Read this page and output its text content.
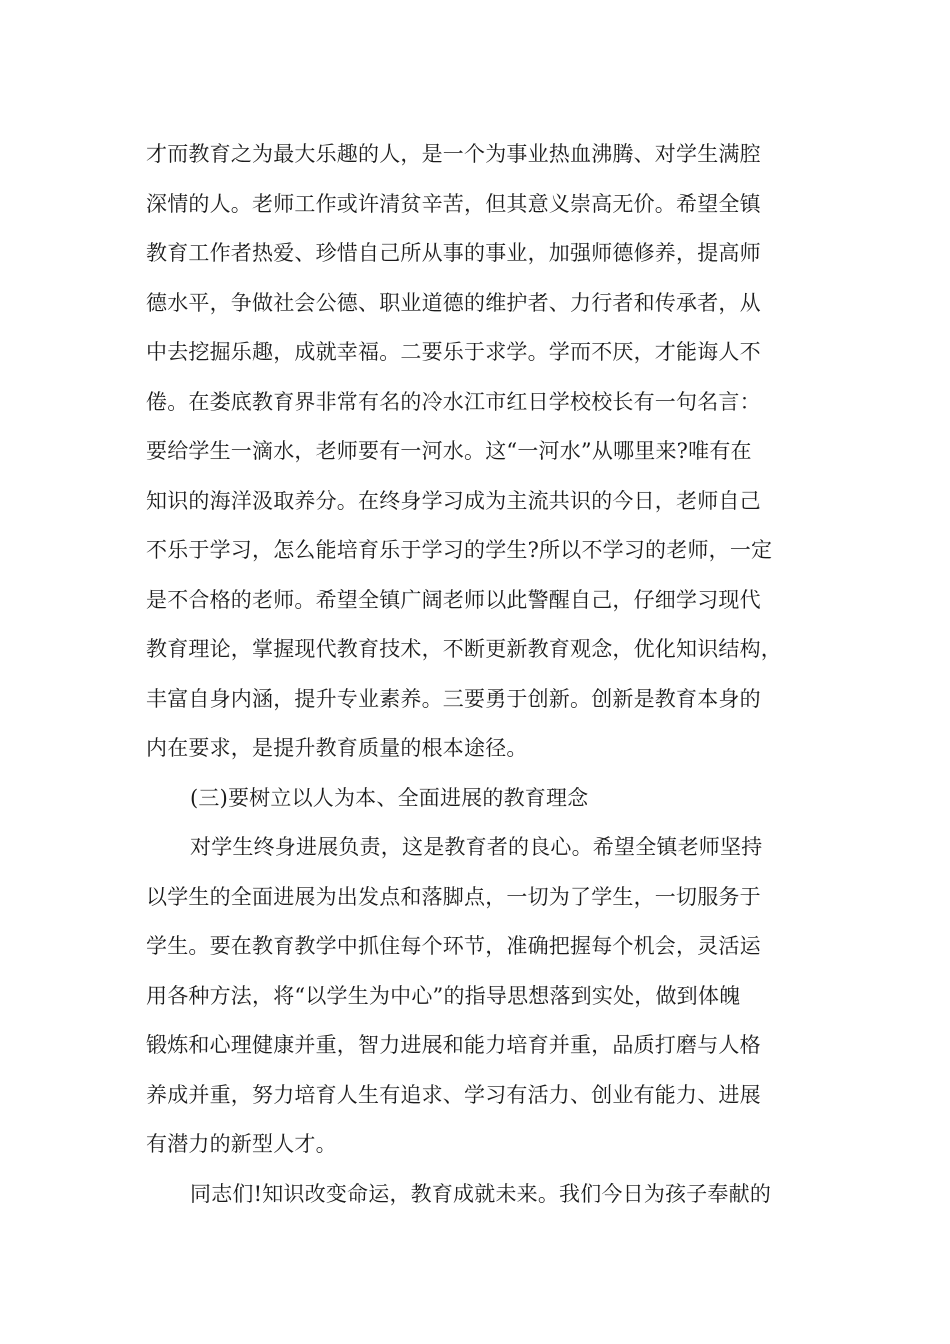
才而教育之为最大乐趣的人，是一个为事业热血沸腾、对学生满腔
深情的人。老师工作或许清贫辛苦，但其意义崇高无价。希望全镇
教育工作者热爱、珍惜自己所从事的事业，加强师德修养，提高师
德水平，争做社会公德、职业道德的维护者、力行者和传承者，从
中去挖掘乐趣，成就幸福。二要乐于求学。学而不厌，才能诲人不
倦。在娄底教育界非常有名的冷水江市红日学校校长有一句名言：
要给学生一滴水，老师要有一河水。这“一河水”从哪里来?唯有在
知识的海洋汲取养分。在终身学习成为主流共识的今日，老师自己
不乐于学习，怎么能培育乐于学习的学生?所以不学习的老师，一定
是不合格的老师。希望全镇广阔老师以此警醒自己，仔细学习现代
教育理论，掌握现代教育技术，不断更新教育观念，优化知识结构，
丰富自身内涵，提升专业素养。三要勇于创新。创新是教育本身的
内在要求，是提升教育质量的根本途径。
(三)要树立以人为本、全面进展的教育理念
对学生终身进展负责，这是教育者的良心。希望全镇老师坚持
以学生的全面进展为出发点和落脚点，一切为了学生，一切服务于
学生。要在教育教学中抓住每个环节，准确把握每个机会，灵活运
用各种方法，将“以学生为中心”的指导思想落到实处，做到体魄
锻炼和心理健康并重，智力进展和能力培育并重，品质打磨与人格
养成并重，努力培育人生有追求、学习有活力、创业有能力、进展
有潜力的新型人才。
同志们!知识改变命运，教育成就未来。我们今日为孩子奉献的
